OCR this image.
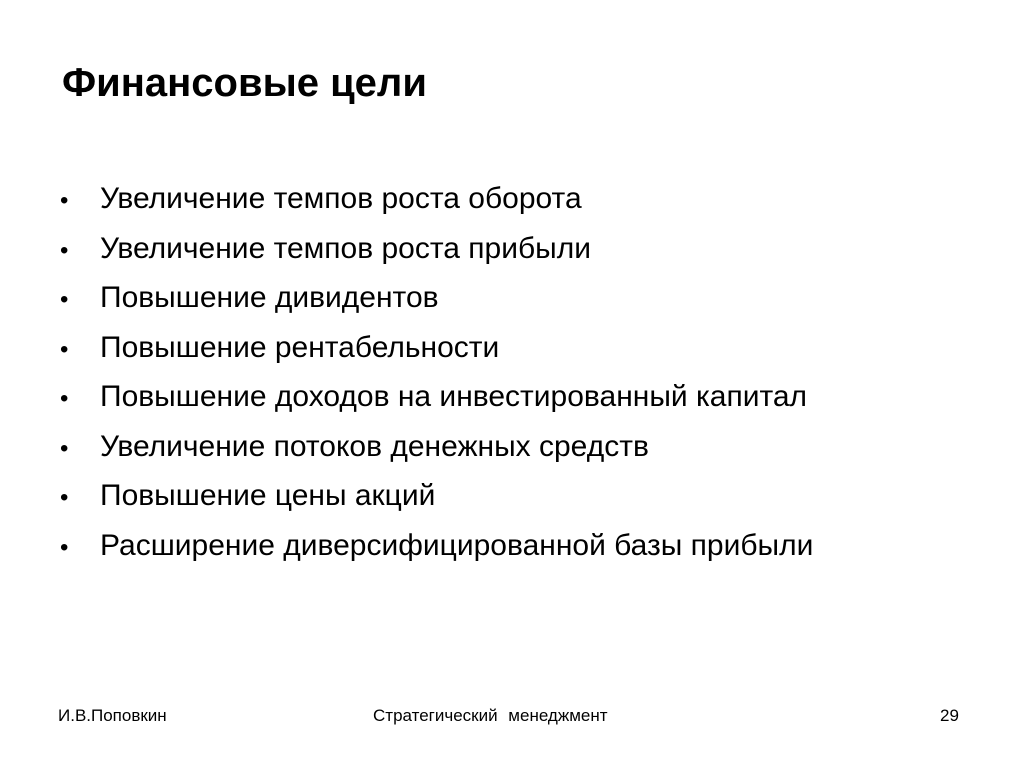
Финансовые цели
•	Увеличение темпов роста оборота
•	Увеличение темпов роста прибыли
•	Повышение дивидентов
•	Повышение рентабельности
•	Повышение доходов на инвестированный капитал
•	Увеличение потоков денежных средств
•	Повышение цены акций
•	Расширение диверсифицированной базы прибыли
И.В.Поповкин	Стратегический менеджмент	29
